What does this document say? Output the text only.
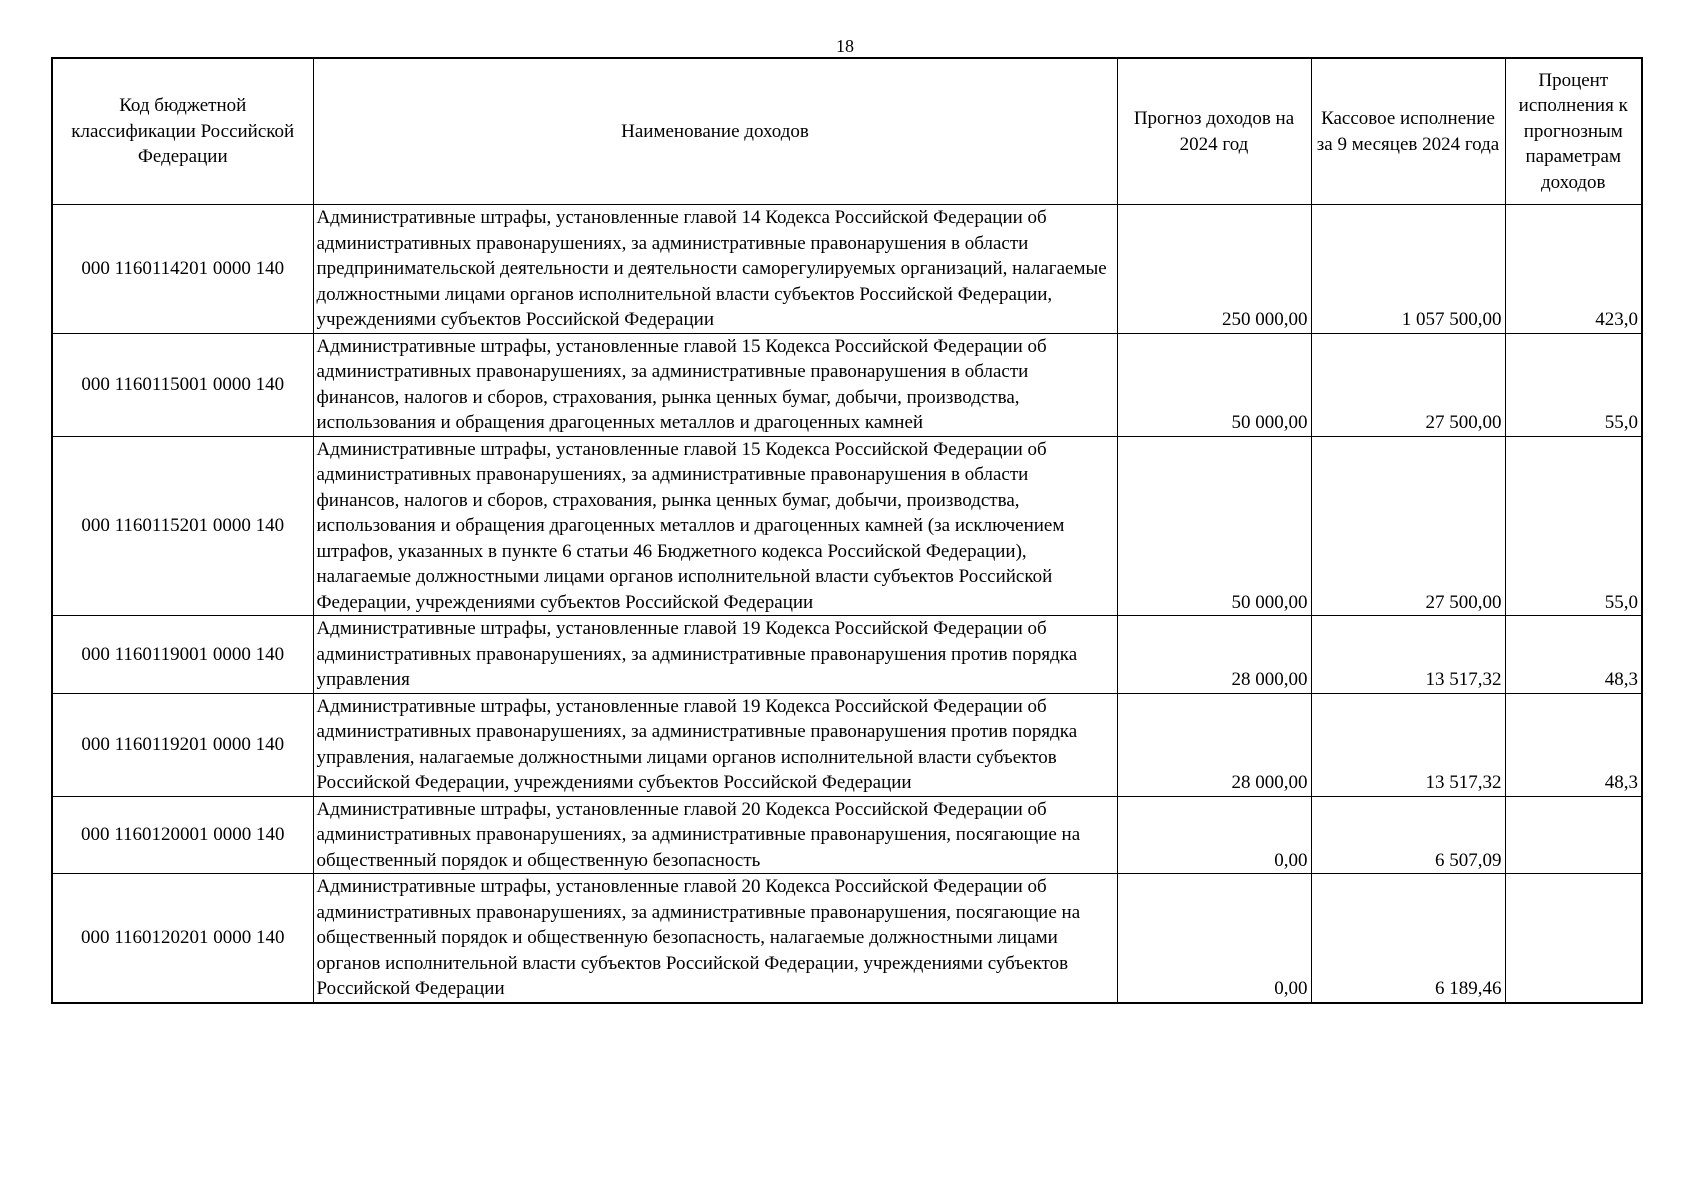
18
Код бюджетной классификации Российской Федерации	Наименование доходов	Прогноз доходов на 2024 год	Кассовое исполнение за 9 месяцев 2024 года	Процент исполнения к прогнозным параметрам доходов
000 1160114201 0000 140	Административные штрафы, установленные главой 14 Кодекса Российской Федерации об административных правонарушениях, за административные правонарушения в области предпринимательской деятельности и деятельности саморегулируемых организаций, налагаемые должностными лицами органов исполнительной власти субъектов Российской Федерации, учреждениями субъектов Российской Федерации	250 000,00	1 057 500,00	423,0
000 1160115001 0000 140	Административные штрафы, установленные главой 15 Кодекса Российской Федерации об административных правонарушениях, за административные правонарушения в области финансов, налогов и сборов, страхования, рынка ценных бумаг, добычи, производства, использования и обращения драгоценных металлов и драгоценных камней	50 000,00	27 500,00	55,0
000 1160115201 0000 140	Административные штрафы, установленные главой 15 Кодекса Российской Федерации об административных правонарушениях, за административные правонарушения в области финансов, налогов и сборов, страхования, рынка ценных бумаг, добычи, производства, использования и обращения драгоценных металлов и драгоценных камней (за исключением штрафов, указанных в пункте 6 статьи 46 Бюджетного кодекса Российской Федерации), налагаемые должностными лицами органов исполнительной власти субъектов Российской Федерации, учреждениями субъектов Российской Федерации	50 000,00	27 500,00	55,0
000 1160119001 0000 140	Административные штрафы, установленные главой 19 Кодекса Российской Федерации об административных правонарушениях, за административные правонарушения против порядка управления	28 000,00	13 517,32	48,3
000 1160119201 0000 140	Административные штрафы, установленные главой 19 Кодекса Российской Федерации об административных правонарушениях, за административные правонарушения против порядка управления, налагаемые должностными лицами органов исполнительной власти субъектов Российской Федерации, учреждениями субъектов Российской Федерации	28 000,00	13 517,32	48,3
000 1160120001 0000 140	Административные штрафы, установленные главой 20 Кодекса Российской Федерации об административных правонарушениях, за административные правонарушения, посягающие на общественный порядок и общественную безопасность	0,00	6 507,09	
000 1160120201 0000 140	Административные штрафы, установленные главой 20 Кодекса Российской Федерации об административных правонарушениях, за административные правонарушения, посягающие на общественный порядок и общественную безопасность, налагаемые должностными лицами органов исполнительной власти субъектов Российской Федерации, учреждениями субъектов Российской Федерации	0,00	6 189,46	
